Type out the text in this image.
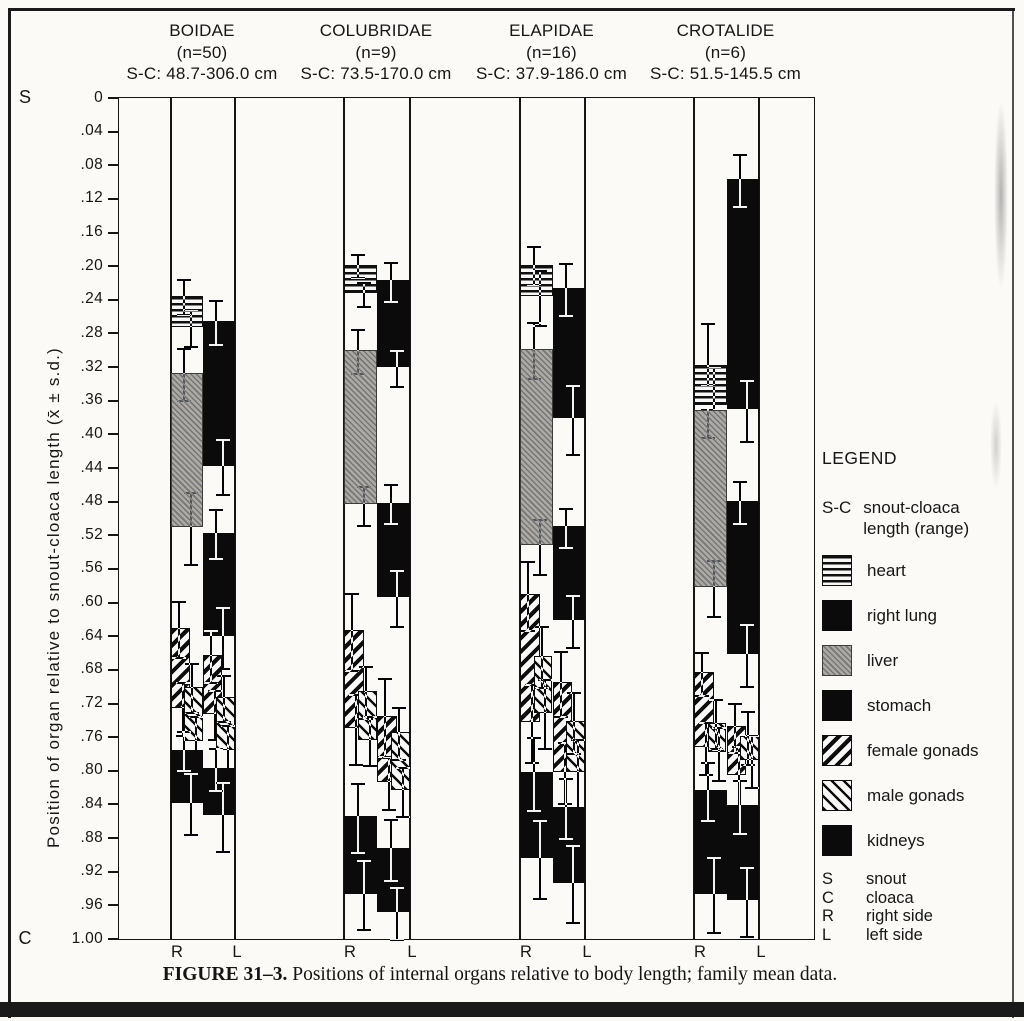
Position of organ relative to snout-cloaca length (x̄ ± s.d.)
0
.04
.08
.12
.16
.20
.24
.28
.32
.36
.40
.44
.48
.52
.56
.60
.64
.68
.72
.76
.80
.84
.88
.92
.96
1.00
S
C
LEGEND
S-C snout-cloaca length (range)
heart
right lung
liver
stomach
female gonads
male gonads
kidneys
S	snout
C	cloaca
R	right side
L	left side
FIGURE 31–3. Positions of internal organs relative to body length; family mean data.
BOIDAE
(n=50)
S-C: 48.7-306.0 cm
R	L
COLUBRIDAE
(n=9)
S-C: 73.5-170.0 cm
R	L
ELAPIDAE
(n=16)
S-C: 37.9-186.0 cm
R	L
CROTALIDE
(n=6)
S-C: 51.5-145.5 cm
R	L
